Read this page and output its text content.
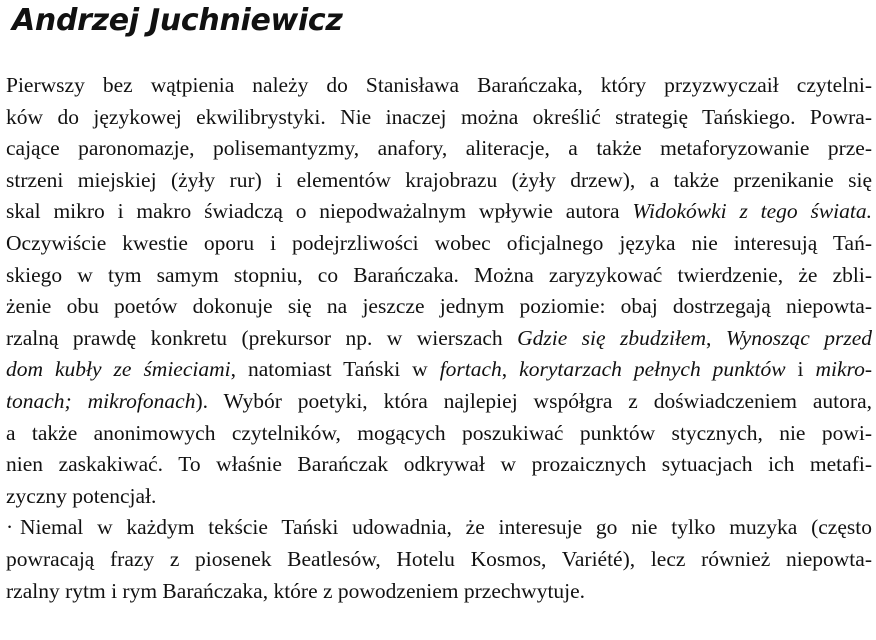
Andrzej Juchniewicz
Pierwszy bez wątpienia należy do Stanisława Barańczaka, który przyzwyczaił czytelni-
ków do językowej ekwilibrystyki. Nie inaczej można określić strategię Tańskiego. Powra-
cające paronomazje, polisemantyzmy, anafory, aliteracje, a także metaforyzowanie prze-
strzeni miejskiej (żyły rur) i elementów krajobrazu (żyły drzew), a także przenikanie się
skal mikro i makro świadczą o niepodważalnym wpływie autora Widokówki z tego świata.
Oczywiście kwestie oporu i podejrzliwości wobec oficjalnego języka nie interesują Tań-
skiego w tym samym stopniu, co Barańczaka. Można zaryzykować twierdzenie, że zbli-
żenie obu poetów dokonuje się na jeszcze jednym poziomie: obaj dostrzegają niepowta-
rzalną prawdę konkretu (prekursor np. w wierszach Gdzie się zbudziłem, Wynosząc przed
dom kubły ze śmieciami, natomiast Tański w fortach, korytarzach pełnych punktów i mikro-
tonach; mikrofonach). Wybór poetyki, która najlepiej współgra z doświadczeniem autora,
a także anonimowych czytelników, mogących poszukiwać punktów stycznych, nie powi-
nien zaskakiwać. To właśnie Barańczak odkrywał w prozaicznych sytuacjach ich metafi-
zyczny potencjał.
· Niemal w każdym tekście Tański udowadnia, że interesuje go nie tylko muzyka (często
powracają frazy z piosenek Beatlesów, Hotelu Kosmos, Variété), lecz również niepowta-
rzalny rytm i rym Barańczaka, które z powodzeniem przechwytuje.
